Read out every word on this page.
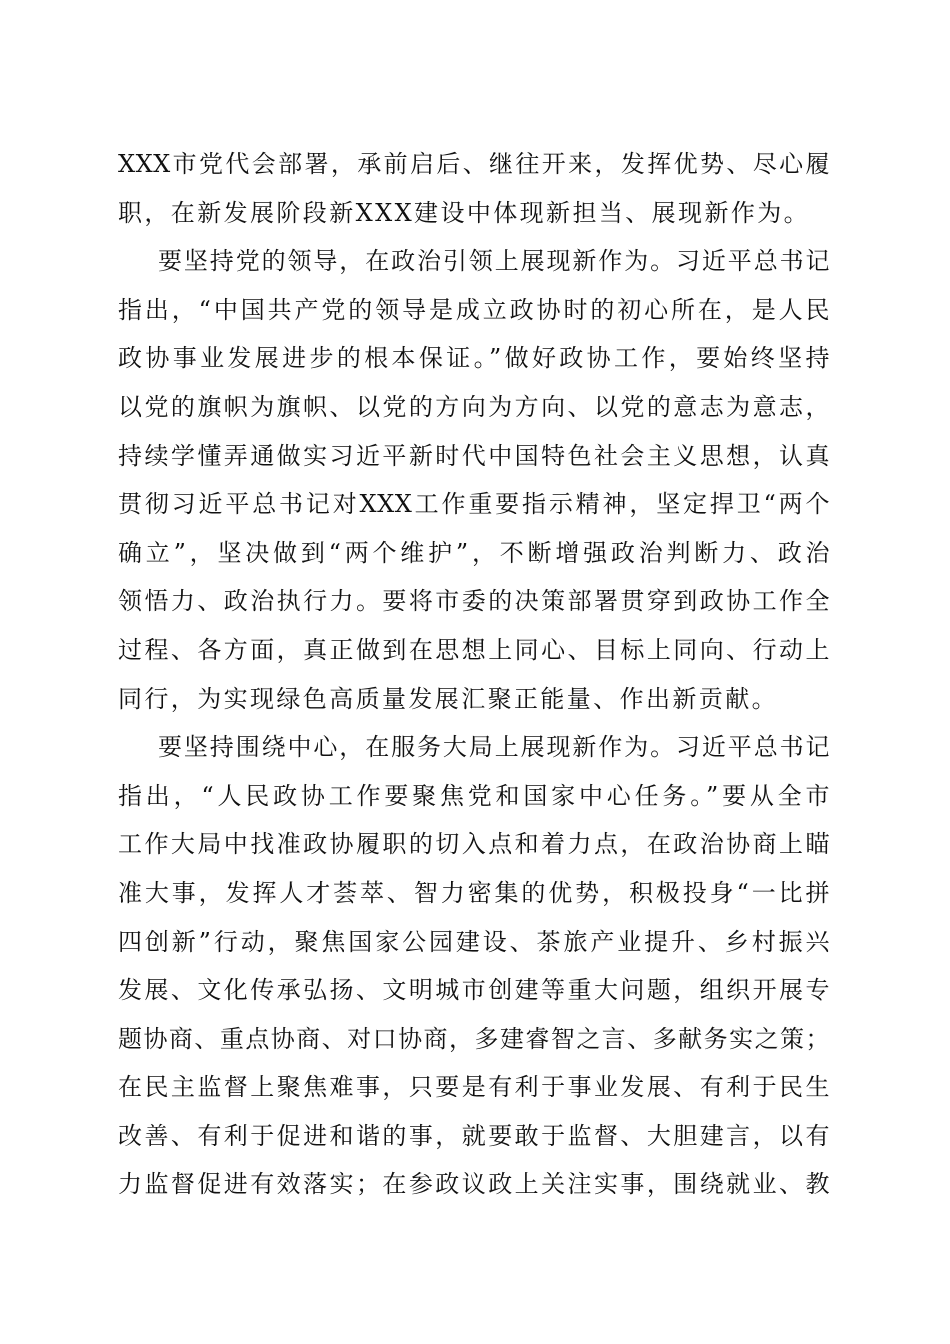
XXX市党代会部署，承前启后、继往开来，发挥优势、尽心履
职，在新发展阶段新XXX建设中体现新担当、展现新作为。
要坚持党的领导，在政治引领上展现新作为。习近平总书记
指出，“中国共产党的领导是成立政协时的初心所在，是人民
政协事业发展进步的根本保证。”做好政协工作，要始终坚持
以党的旗帜为旗帜、以党的方向为方向、以党的意志为意志，
持续学懂弄通做实习近平新时代中国特色社会主义思想，认真
贯彻习近平总书记对XXX工作重要指示精神，坚定捍卫“两个
确立”，坚决做到“两个维护”，不断增强政治判断力、政治
领悟力、政治执行力。要将市委的决策部署贯穿到政协工作全
过程、各方面，真正做到在思想上同心、目标上同向、行动上
同行，为实现绿色高质量发展汇聚正能量、作出新贡献。
要坚持围绕中心，在服务大局上展现新作为。习近平总书记
指出，“人民政协工作要聚焦党和国家中心任务。”要从全市
工作大局中找准政协履职的切入点和着力点，在政治协商上瞄
准大事，发挥人才荟萃、智力密集的优势，积极投身“一比拼
四创新”行动，聚焦国家公园建设、茶旅产业提升、乡村振兴
发展、文化传承弘扬、文明城市创建等重大问题，组织开展专
题协商、重点协商、对口协商，多建睿智之言、多献务实之策；
在民主监督上聚焦难事，只要是有利于事业发展、有利于民生
改善、有利于促进和谐的事，就要敢于监督、大胆建言，以有
力监督促进有效落实；在参政议政上关注实事，围绕就业、教
